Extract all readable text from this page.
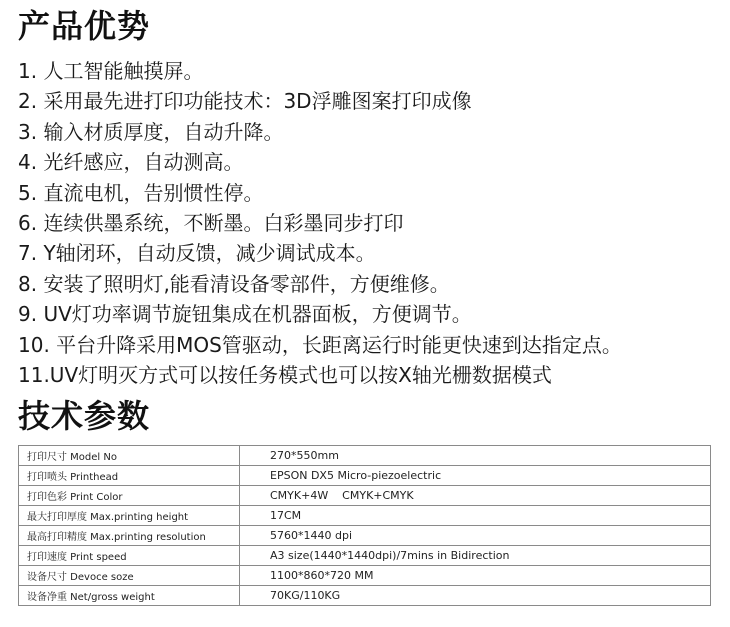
产品优势
1. 人工智能触摸屏。
2. 采用最先进打印功能技术：3D浮雕图案打印成像
3. 输入材质厚度，自动升降。
4. 光纤感应，自动测高。
5. 直流电机，告别惯性停。
6. 连续供墨系统，不断墨。白彩墨同步打印
7. Y轴闭环，自动反馈，减少调试成本。
8. 安装了照明灯,能看清设备零部件，方便维修。
9. UV灯功率调节旋钮集成在机器面板，方便调节。
10. 平台升降采用MOS管驱动，长距离运行时能更快速到达指定点。
11.UV灯明灭方式可以按任务模式也可以按X轴光栅数据模式
技术参数
打印尺寸 Model No	270*550mm
打印喷头 Printhead	EPSON DX5 Micro-piezoelectric
打印色彩 Print Color	CMYK+4W    CMYK+CMYK
最大打印厚度 Max.printing height	17CM
最高打印精度 Max.printing resolution	5760*1440 dpi
打印速度 Print speed	A3 size(1440*1440dpi)/7mins in Bidirection
设备尺寸 Devoce soze	1100*860*720 MM
设备净重 Net/gross weight	70KG/110KG
